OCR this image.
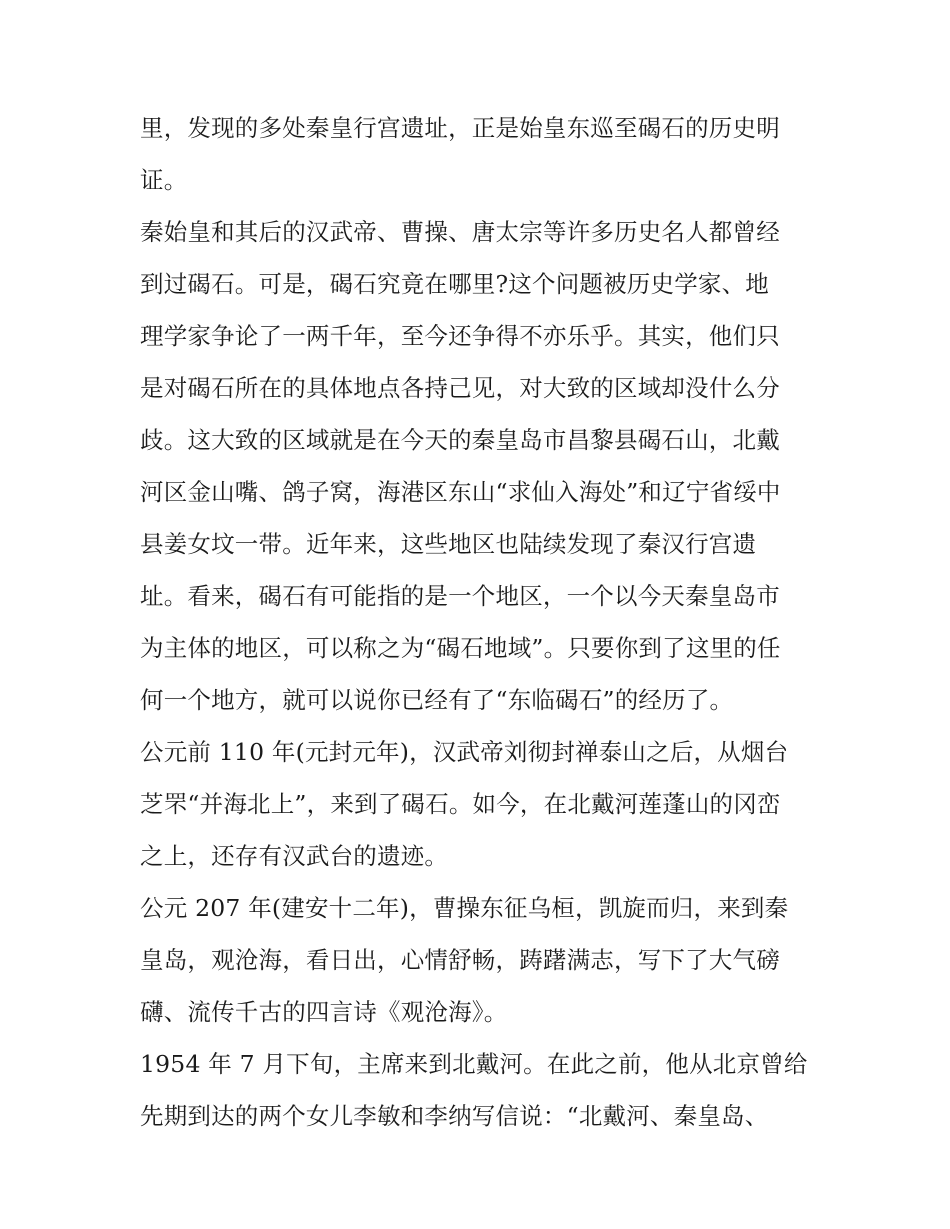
里，发现的多处秦皇行宫遗址，正是始皇东巡至碣石的历史明
证。
秦始皇和其后的汉武帝、曹操、唐太宗等许多历史名人都曾经
到过碣石。可是，碣石究竟在哪里?这个问题被历史学家、地
理学家争论了一两千年，至今还争得不亦乐乎。其实，他们只
是对碣石所在的具体地点各持己见，对大致的区域却没什么分
歧。这大致的区域就是在今天的秦皇岛市昌黎县碣石山，北戴
河区金山嘴、鸽子窝，海港区东山“求仙入海处”和辽宁省绥中
县姜女坟一带。近年来，这些地区也陆续发现了秦汉行宫遗
址。看来，碣石有可能指的是一个地区，一个以今天秦皇岛市
为主体的地区，可以称之为“碣石地域”。只要你到了这里的任
何一个地方，就可以说你已经有了“东临碣石”的经历了。
公元前 110 年(元封元年)，汉武帝刘彻封禅泰山之后，从烟台
芝罘“并海北上”，来到了碣石。如今，在北戴河莲蓬山的冈峦
之上，还存有汉武台的遗迹。
公元 207 年(建安十二年)，曹操东征乌桓，凯旋而归，来到秦
皇岛，观沧海，看日出，心情舒畅，踌躇满志，写下了大气磅
礴、流传千古的四言诗《观沧海》。
1954 年 7 月下旬，主席来到北戴河。在此之前，他从北京曾给
先期到达的两个女儿李敏和李纳写信说：“北戴河、秦皇岛、
